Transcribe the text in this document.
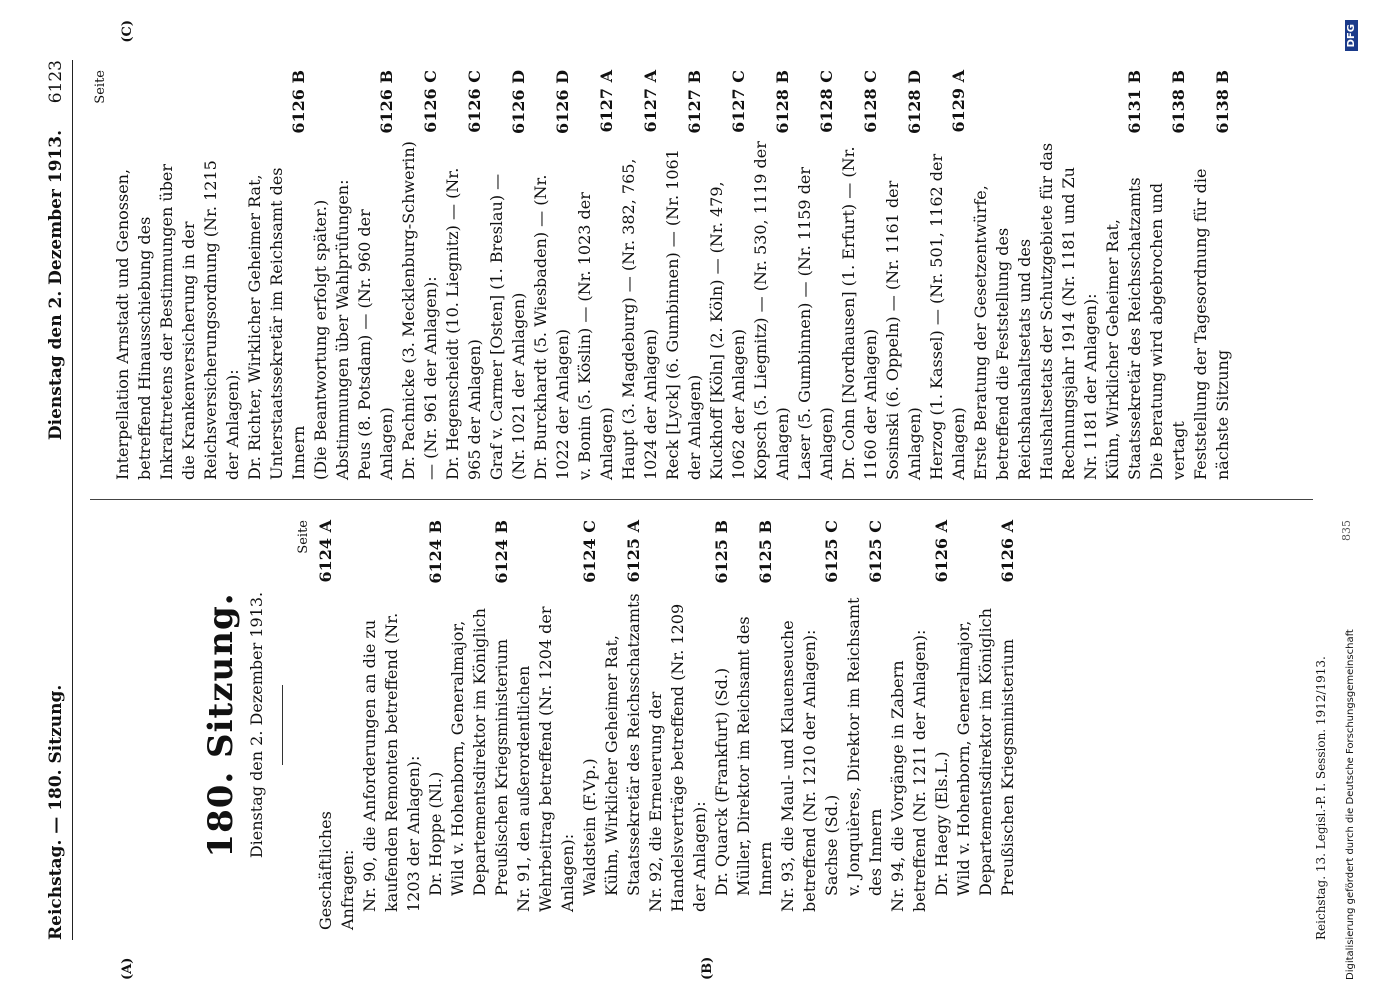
Reichstag. — 180. Sitzung.
Dienstag den 2. Dezember 1913.
6123
(A)	(B)
(C)
180. Sitzung. Dienstag den 2. Dezember 1913.
Seite

Geschäftliches
6124 A

Anfragen: Nr. 90, die Anforderungen an die zu kaufenden Remonten betreffend (Nr. 1203 der Anlagen): Dr. Hoppe (Nl.)
6124 B

Wild v. Hohenborn, Generalmajor, Departementsdirektor im Königlich Preußischen Kriegsministerium
6124 B

Nr. 91, den außerordentlichen Wehrbeitrag betreffend (Nr. 1204 der Anlagen): Waldstein (F.Vp.)
6124 C

Kühn, Wirklicher Geheimer Rat, Staatssekretär des Reichsschatzamts
6125 A

Nr. 92, die Erneuerung der Handelsverträge betreffend (Nr. 1209 der Anlagen): Dr. Quarck (Frankfurt) (Sd.)
6125 B

Müller, Direktor im Reichsamt des Innern
6125 B

Nr. 93, die Maul- und Klauenseuche betreffend (Nr. 1210 der Anlagen): Sachse (Sd.)
6125 C

v. Jonquières, Direktor im Reichsamt des Innern
6125 C

Nr. 94, die Vorgänge in Zabern betreffend (Nr. 1211 der Anlagen): Dr. Haegy (Els.L.)
6126 A

Wild v. Hohenborn, Generalmajor, Departementsdirektor im Königlich Preußischen Kriegsministerium
6126 A

Seite

Interpellation Arnstadt und Genossen, betreffend Hinausschiebung des Inkrafttretens der Bestimmungen über die Krankenversicherung in der Reichsversicherungsordnung (Nr. 1215 der Anlagen): Dr. Richter, Wirklicher Geheimer Rat, Unterstaatssekretär im Reichsamt des Innern
6126 B

(Die Beantwortung erfolgt später.) Abstimmungen über Wahlprüfungen: Peus (8. Potsdam) — (Nr. 960 der Anlagen)
6126 B

Dr. Pachnicke (3. Mecklenburg-Schwerin) — (Nr. 961 der Anlagen):
6126 C

Dr. Hegenscheidt (10. Liegnitz) — (Nr. 965 der Anlagen)
6126 C

Graf v. Carmer [Osten] (1. Breslau) — (Nr. 1021 der Anlagen)
6126 D

Dr. Burckhardt (5. Wiesbaden) — (Nr. 1022 der Anlagen)
6126 D

v. Bonin (5. Köslin) — (Nr. 1023 der Anlagen)
6127 A

Haupt (3. Magdeburg) — (Nr. 382, 765, 1024 der Anlagen)
6127 A

Reck [Lyck] (6. Gumbinnen) — (Nr. 1061 der Anlagen)
6127 B

Kuckhoff [Köln] (2. Köln) — (Nr. 479, 1062 der Anlagen)
6127 C

Kopsch (5. Liegnitz) — (Nr. 530, 1119 der Anlagen)
6128 B

Laser (5. Gumbinnen) — (Nr. 1159 der Anlagen)
6128 C

Dr. Cohn [Nordhausen] (1. Erfurt) — (Nr. 1160 der Anlagen)
6128 C

Sosinski (6. Oppeln) — (Nr. 1161 der Anlagen)
6128 D

Herzog (1. Kassel) — (Nr. 501, 1162 der Anlagen)
6129 A

Erste Beratung der Gesetzentwürfe, betreffend die Feststellung des Reichshaushaltsetats und des Haushaltsetats der Schutzgebiete für das Rechnungsjahr 1914 (Nr. 1181 und Zu Nr. 1181 der Anlagen): Kühn, Wirklicher Geheimer Rat, Staatssekretär des Reichsschatzamts
6131 B

Die Beratung wird abgebrochen und vertagt
6138 B

Feststellung der Tagesordnung für die nächste Sitzung
6138 B

Reichstag. 13. Legisl.-P. I. Session. 1912/1913.
835
Digitalisierung gefördert durch die Deutsche Forschungsgemeinschaft
DFG
